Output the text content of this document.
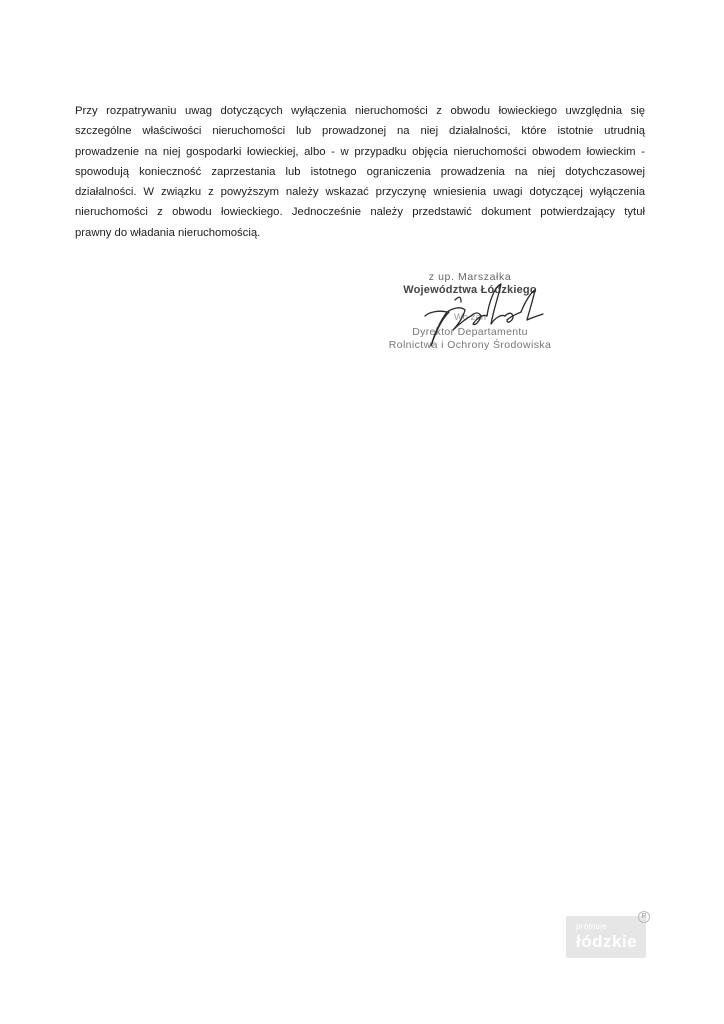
Przy rozpatrywaniu uwag dotyczących wyłączenia nieruchomości z obwodu łowieckiego uwzględnia się
szczególne właściwości nieruchomości lub prowadzonej na niej działalności, które istotnie utrudnią
prowadzenie na niej gospodarki łowieckiej, albo - w przypadku objęcia nieruchomości obwodem łowieckim -
spowodują konieczność zaprzestania lub istotnego ograniczenia prowadzenia na niej dotychczasowej
działalności. W związku z powyższym należy wskazać przyczynę wniesienia uwagi dotyczącej wyłączenia
nieruchomości z obwodu łowieckiego. Jednocześnie należy przedstawić dokument potwierdzający tytuł
prawny do władania nieruchomością.

z up. Marszałka
Województwa Łódzkiego
Wo zan
Dyrektor Departamentu
Rolnictwa i Ochrony Środowiska
promuje
łódzkie
R
